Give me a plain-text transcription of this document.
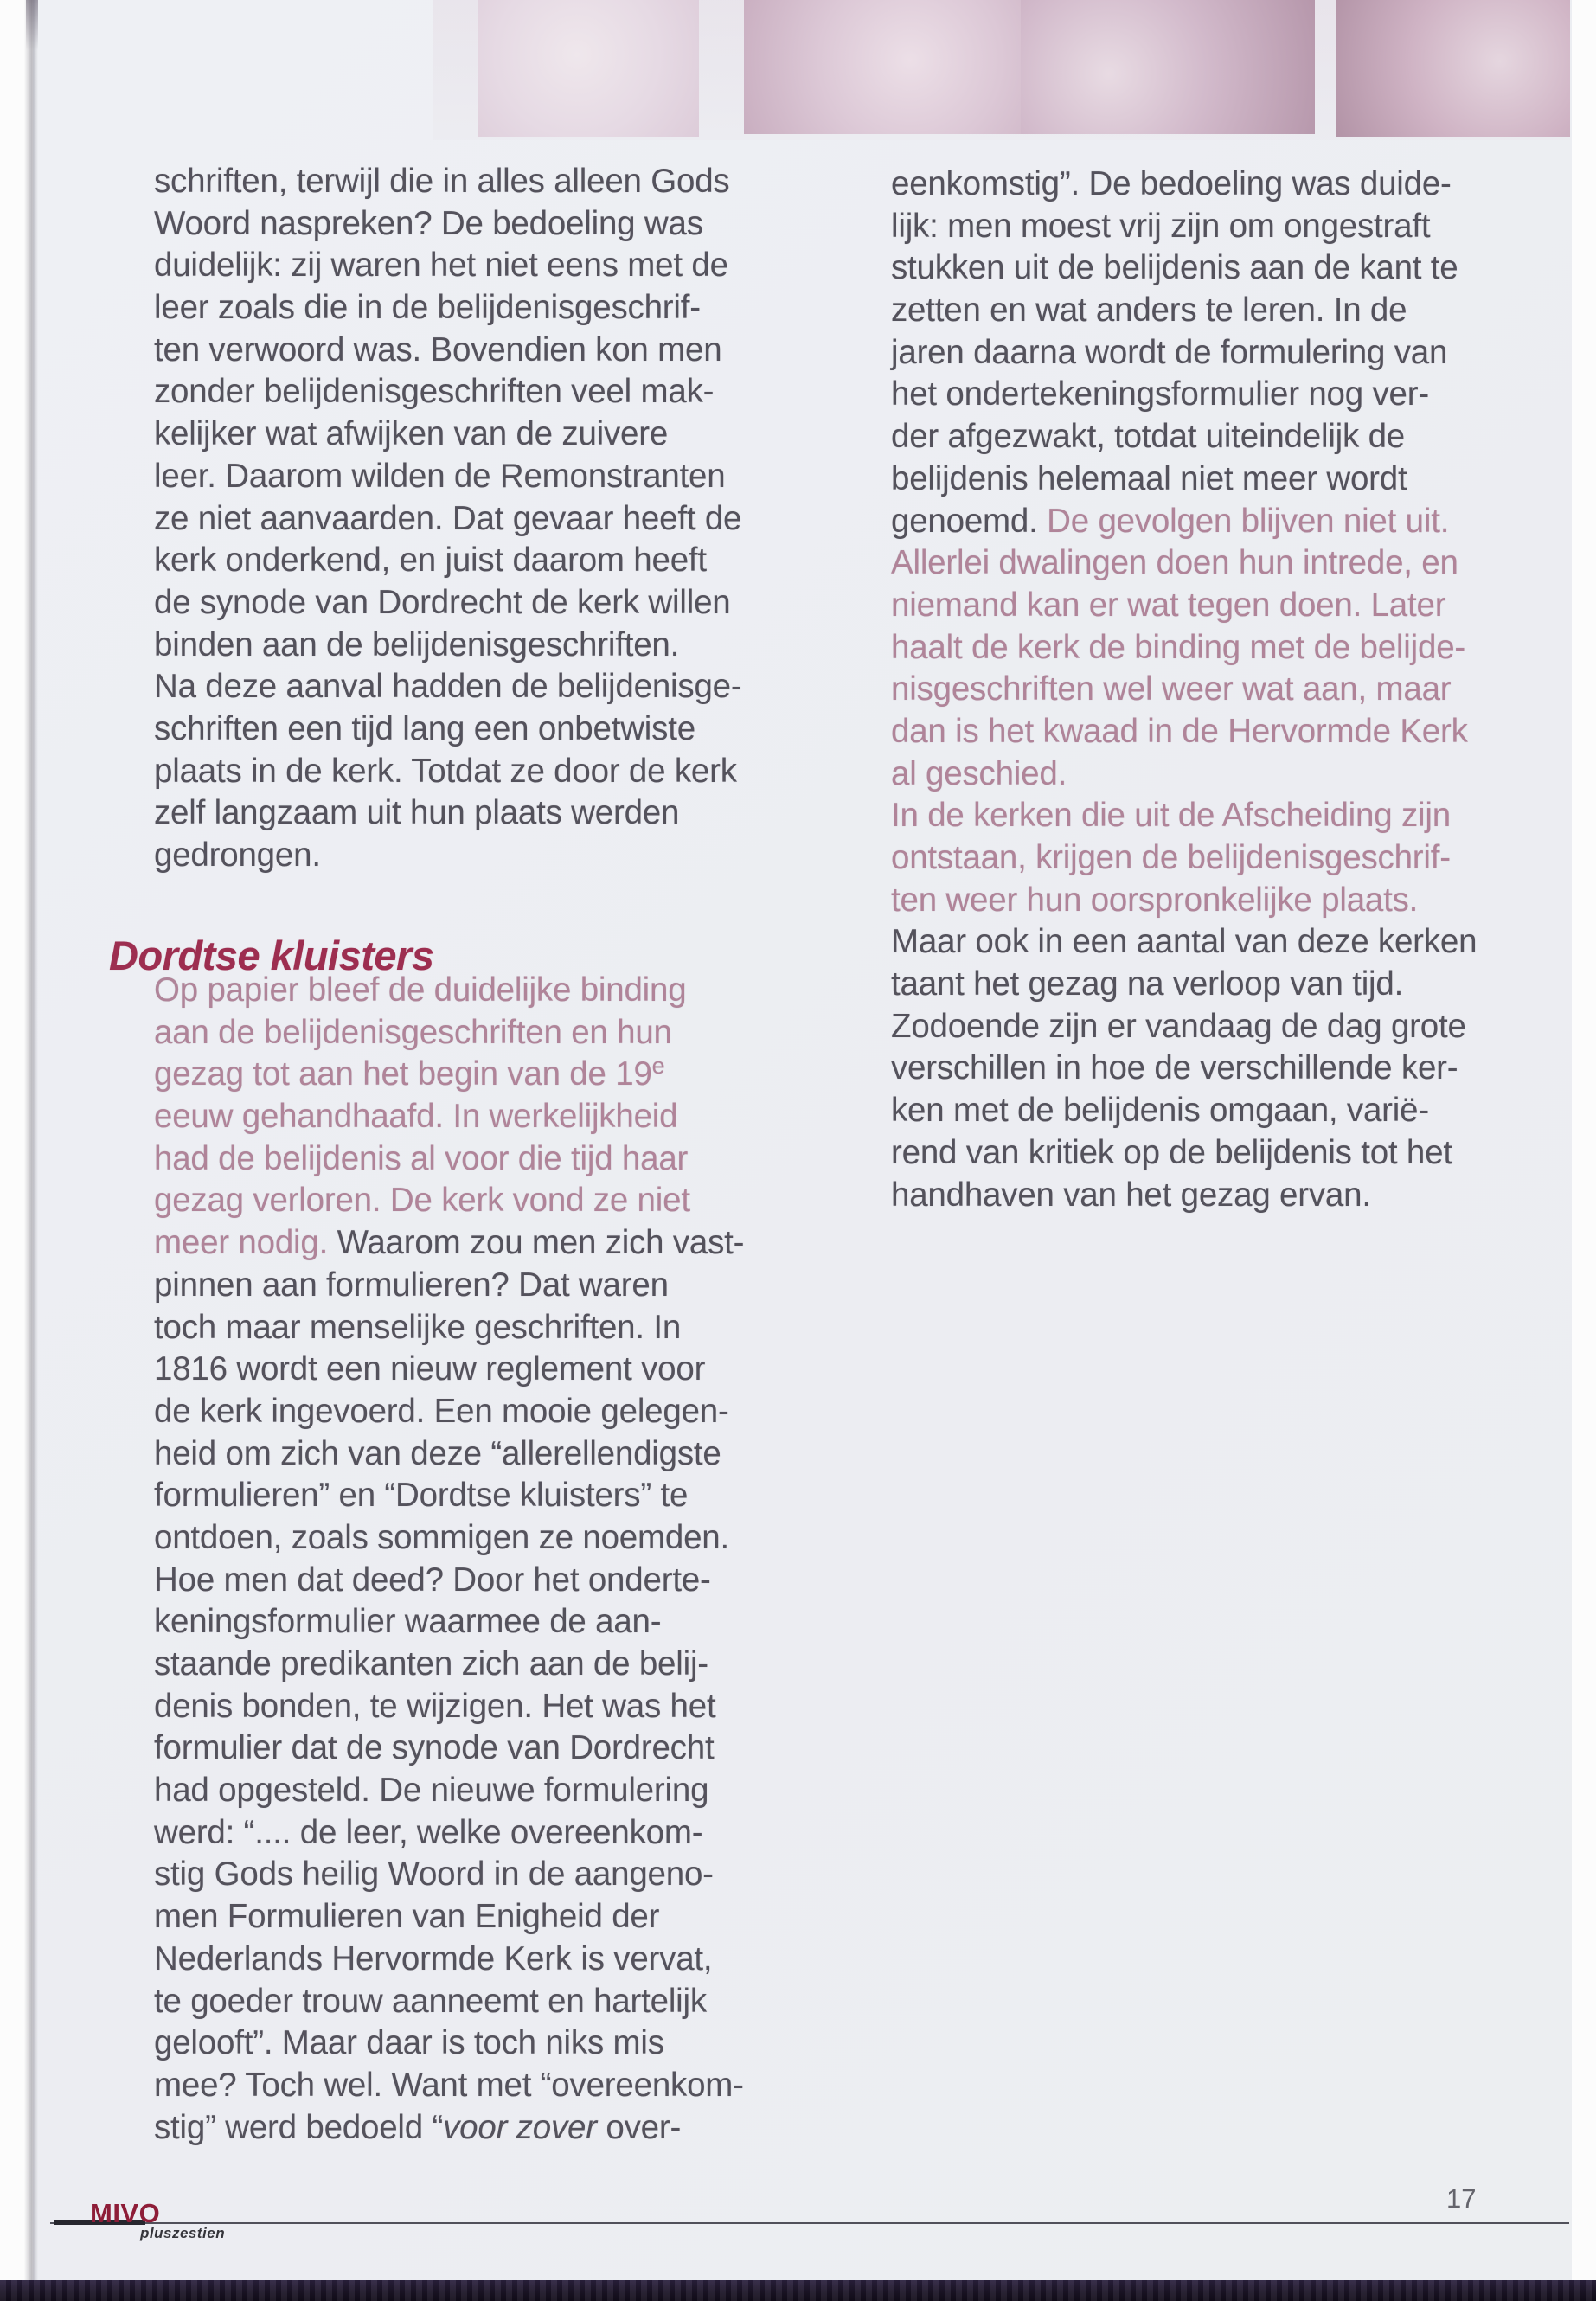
schriften, terwijl die in alles alleen Gods
Woord naspreken? De bedoeling was
duidelijk: zij waren het niet eens met de
leer zoals die in de belijdenisgeschrif-
ten verwoord was. Bovendien kon men
zonder belijdenisgeschriften veel mak-
kelijker wat afwijken van de zuivere
leer. Daarom wilden de Remonstranten
ze niet aanvaarden. Dat gevaar heeft de
kerk onderkend, en juist daarom heeft
de synode van Dordrecht de kerk willen
binden aan de belijdenisgeschriften.
Na deze aanval hadden de belijdenisge-
schriften een tijd lang een onbetwiste
plaats in de kerk. Totdat ze door de kerk
zelf langzaam uit hun plaats werden
gedrongen.
Dordtse kluisters
Op papier bleef de duidelijke binding
aan de belijdenisgeschriften en hun
gezag tot aan het begin van de 19e
eeuw gehandhaafd. In werkelijkheid
had de belijdenis al voor die tijd haar
gezag verloren. De kerk vond ze niet
meer nodig. Waarom zou men zich vast-
pinnen aan formulieren? Dat waren
toch maar menselijke geschriften. In
1816 wordt een nieuw reglement voor
de kerk ingevoerd. Een mooie gelegen-
heid om zich van deze “allerellendigste
formulieren” en “Dordtse kluisters” te
ontdoen, zoals sommigen ze noemden.
Hoe men dat deed? Door het onderte-
keningsformulier waarmee de aan-
staande predikanten zich aan de belij-
denis bonden, te wijzigen. Het was het
formulier dat de synode van Dordrecht
had opgesteld. De nieuwe formulering
werd: “.... de leer, welke overeenkom-
stig Gods heilig Woord in de aangeno-
men Formulieren van Enigheid der
Nederlands Hervormde Kerk is vervat,
te goeder trouw aanneemt en hartelijk
gelooft”. Maar daar is toch niks mis
mee? Toch wel. Want met “overeenkom-
stig” werd bedoeld “voor zover over-
eenkomstig”. De bedoeling was duide-
lijk: men moest vrij zijn om ongestraft
stukken uit de belijdenis aan de kant te
zetten en wat anders te leren. In de
jaren daarna wordt de formulering van
het ondertekeningsformulier nog ver-
der afgezwakt, totdat uiteindelijk de
belijdenis helemaal niet meer wordt
genoemd. De gevolgen blijven niet uit.
Allerlei dwalingen doen hun intrede, en
niemand kan er wat tegen doen. Later
haalt de kerk de binding met de belijde-
nisgeschriften wel weer wat aan, maar
dan is het kwaad in de Hervormde Kerk
al geschied.
In de kerken die uit de Afscheiding zijn
ontstaan, krijgen de belijdenisgeschrif-
ten weer hun oorspronkelijke plaats.
Maar ook in een aantal van deze kerken
taant het gezag na verloop van tijd.
Zodoende zijn er vandaag de dag grote
verschillen in hoe de verschillende ker-
ken met de belijdenis omgaan, varië-
rend van kritiek op de belijdenis tot het
handhaven van het gezag ervan.
MIVO
pluszestien
17
